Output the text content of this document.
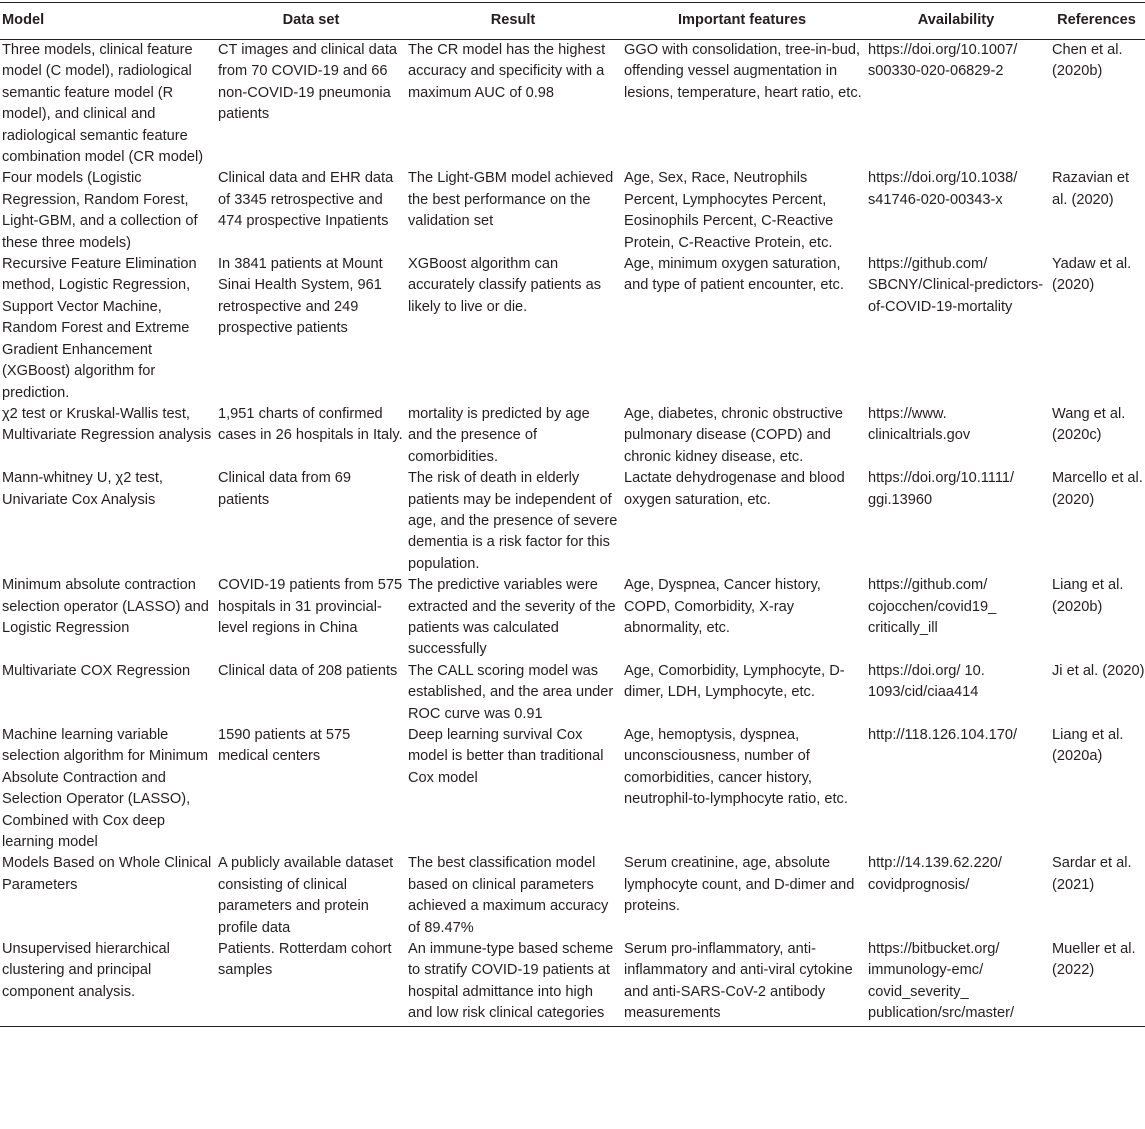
Model	Data set	Result	Important features	Availability	References
Three models, clinical feature model (C model), radiological semantic feature model (R model), and clinical and radiological semantic feature combination model (CR model)	CT images and clinical data from 70 COVID-19 and 66 non-COVID-19 pneumonia patients	The CR model has the highest accuracy and specificity with a maximum AUC of 0.98	GGO with consolidation, tree-in-bud, offending vessel augmentation in lesions, temperature, heart ratio, etc.	https://doi.org/10.1007/ s00330-020-06829-2	Chen et al. (2020b)
Four models (Logistic Regression, Random Forest, Light-GBM, and a collection of these three models)	Clinical data and EHR data of 3345 retrospective and 474 prospective Inpatients	The Light-GBM model achieved the best performance on the validation set	Age, Sex, Race, Neutrophils Percent, Lymphocytes Percent, Eosinophils Percent, C-Reactive Protein, C-Reactive Protein, etc.	https://doi.org/10.1038/ s41746-020-00343-x	Razavian et al. (2020)
Recursive Feature Elimination method, Logistic Regression, Support Vector Machine, Random Forest and Extreme Gradient Enhancement (XGBoost) algorithm for prediction.	In 3841 patients at Mount Sinai Health System, 961 retrospective and 249 prospective patients	XGBoost algorithm can accurately classify patients as likely to live or die.	Age, minimum oxygen saturation, and type of patient encounter, etc.	https://github.com/ SBCNY/Clinical-predictors-of-COVID-19-mortality	Yadaw et al. (2020)
χ2 test or Kruskal-Wallis test, Multivariate Regression analysis	1,951 charts of confirmed cases in 26 hospitals in Italy.	mortality is predicted by age and the presence of comorbidities.	Age, diabetes, chronic obstructive pulmonary disease (COPD) and chronic kidney disease, etc.	https://www. clinicaltrials.gov	Wang et al. (2020c)
Mann-whitney U, χ2 test, Univariate Cox Analysis	Clinical data from 69 patients	The risk of death in elderly patients may be independent of age, and the presence of severe dementia is a risk factor for this population.	Lactate dehydrogenase and blood oxygen saturation, etc.	https://doi.org/10.1111/ ggi.13960	Marcello et al. (2020)
Minimum absolute contraction selection operator (LASSO) and Logistic Regression	COVID-19 patients from 575 hospitals in 31 provincial-level regions in China	The predictive variables were extracted and the severity of the patients was calculated successfully	Age, Dyspnea, Cancer history, COPD, Comorbidity, X-ray abnormality, etc.	https://github.com/ cojocchen/covid19_ critically_ill	Liang et al. (2020b)
Multivariate COX Regression	Clinical data of 208 patients	The CALL scoring model was established, and the area under ROC curve was 0.91	Age, Comorbidity, Lymphocyte, D-dimer, LDH, Lymphocyte, etc.	https://doi.org/ 10. 1093/cid/ciaa414	Ji et al. (2020)
Machine learning variable selection algorithm for Minimum Absolute Contraction and Selection Operator (LASSO), Combined with Cox deep learning model	1590 patients at 575 medical centers	Deep learning survival Cox model is better than traditional Cox model	Age, hemoptysis, dyspnea, unconsciousness, number of comorbidities, cancer history, neutrophil-to-lymphocyte ratio, etc.	http://118.126.104.170/	Liang et al. (2020a)
Models Based on Whole Clinical Parameters	A publicly available dataset consisting of clinical parameters and protein profile data	The best classification model based on clinical parameters achieved a maximum accuracy of 89.47%	Serum creatinine, age, absolute lymphocyte count, and D-dimer and proteins.	http://14.139.62.220/ covidprognosis/	Sardar et al. (2021)
Unsupervised hierarchical clustering and principal component analysis.	Patients. Rotterdam cohort samples	An immune-type based scheme to stratify COVID-19 patients at hospital admittance into high and low risk clinical categories	Serum pro-inflammatory, anti-inflammatory and anti-viral cytokine and anti-SARS-CoV-2 antibody measurements	https://bitbucket.org/ immunology-emc/ covid_severity_ publication/src/master/	Mueller et al. (2022)
